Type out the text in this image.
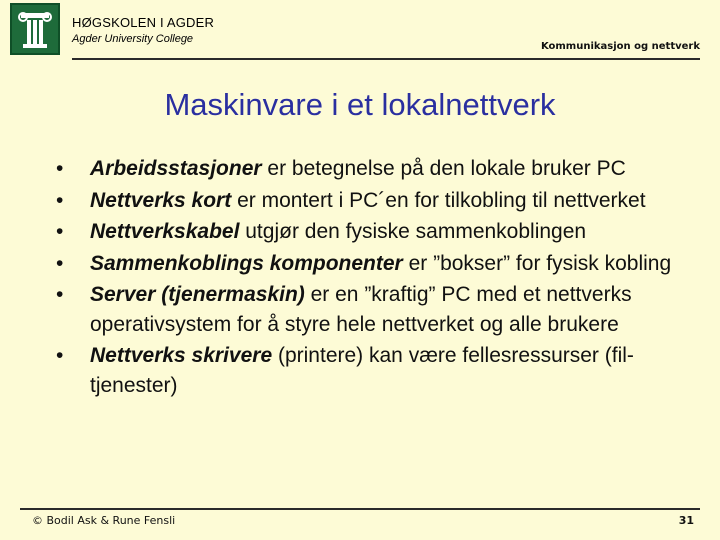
HØGSKOLEN I AGDER
Agder University College
Kommunikasjon og nettverk
Maskinvare i et lokalnettverk
• Arbeidsstasjoner er betegnelse på den lokale bruker PC
• Nettverks kort er montert i PC´en for tilkobling til nettverket
• Nettverkskabel utgjør den fysiske sammenkoblingen
• Sammenkoblings komponenter er ”bokser” for fysisk kobling
• Server (tjenermaskin) er en ”kraftig” PC med et nettverks operativsystem for å styre hele nettverket og alle brukere
• Nettverks skrivere (printere) kan være fellesressurser (fil-tjenester)
© Bodil Ask & Rune Fensli	31
